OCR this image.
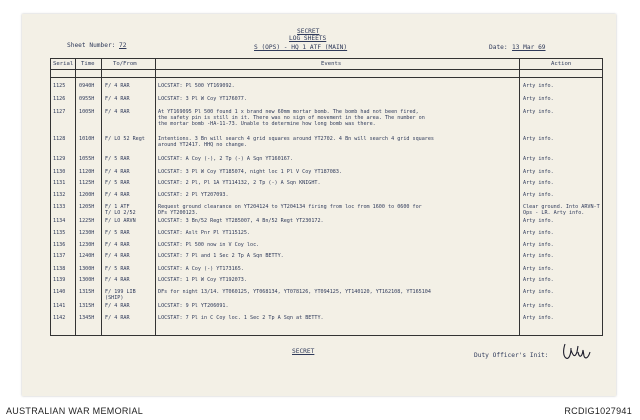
SECRET
LOG SHEETS
S (OPS) - HQ 1 ATF (MAIN)
Sheet Number: 72	Date: 13 Mar 69
Serial Time	To/From	Events	Action
1125	0940H	F/ 4 RAR	LOCSTAT: Pl 500 YT169092.	Arty info.
1126	0955H	F/ 4 RAR	LOCSTAT: 3 Pl W Coy YT176077.	Arty info.
1127	1005H	F/ 4 RAR	At YT169095 Pl 500 found 1 x brand new 60mm mortar bomb. The bomb had not been fired,
the safety pin is still in it. There was no sign of movement in the area. The number on
the mortar bomb -HA-11-73. Unable to determine how long bomb was there.
Arty info.
1128	1010H	F/ LO 52 Regt	Intentions. 3 Bn will search 4 grid squares around YT2702. 4 Bn will search 4 grid squares
around YT2417. HHQ no change.
Arty info.
1129	1055H	F/ 5 RAR	LOCSTAT: A Coy (-), 2 Tp (-) A Sqn YT160167.	Arty info.
1130	1120H	F/ 4 RAR	LOCSTAT: 3 Pl W Coy YT185074, night loc 1 Pl V Coy YT187083.	Arty info.
1131	1125H	F/ 5 RAR	LOCSTAT: 2 Pl, Pl 1A YT114132, 2 Tp (-) A Sqn KNIGHT.	Arty info.
1132	1200H	F/ 4 RAR	LOCSTAT: 2 Pl YT207093.	Arty info.
1133	1205H	F/ 1 ATF
T/ LO 2/52
Request ground clearance on YT204124 to YT204134 firing from loc from 1600 to 0600 for
DFs YT200123.
Clear ground. Into ARVN-T
Ops - LR. Arty info.
1134	1225H	F/ LO ARVN	LOCSTAT: 3 Bn/52 Regt YT285007, 4 Bn/52 Regt YT230172.	Arty info.
1135	1230H	F/ 5 RAR	LOCSTAT: Aslt Pnr Pl YT115125.	Arty info.
1136	1230H	F/ 4 RAR	LOCSTAT: Pl 500 now in V Coy loc.	Arty info.
1137	1240H	F/ 4 RAR	LOCSTAT: 7 Pl and 1 Sec 2 Tp A Sqn BETTY.	Arty info.
1138	1300H	F/ 5 RAR	LOCSTAT: A Coy (-) YT173165.	Arty info.
1139	1300H	F/ 4 RAR	LOCSTAT: 1 Pl W Coy YT192073.	Arty info.
1140	1315H	F/ 199 LIB
(SHIP)
DFs for night 13/14. YT060125, YT068134, YT078126, YT094125, YT140120, YT162108, YT165104	Arty info.
1141	1315H	F/ 4 RAR	LOCSTAT: 9 Pl YT206091.	Arty info.
1142	1345H	F/ 4 RAR	LOCSTAT: 7 Pl in C Coy loc. 1 Sec 2 Tp A Sqn at BETTY.	Arty info.
SECRET
Duty Officer's Init:
AUSTRALIAN WAR MEMORIAL	RCDIG1027941
